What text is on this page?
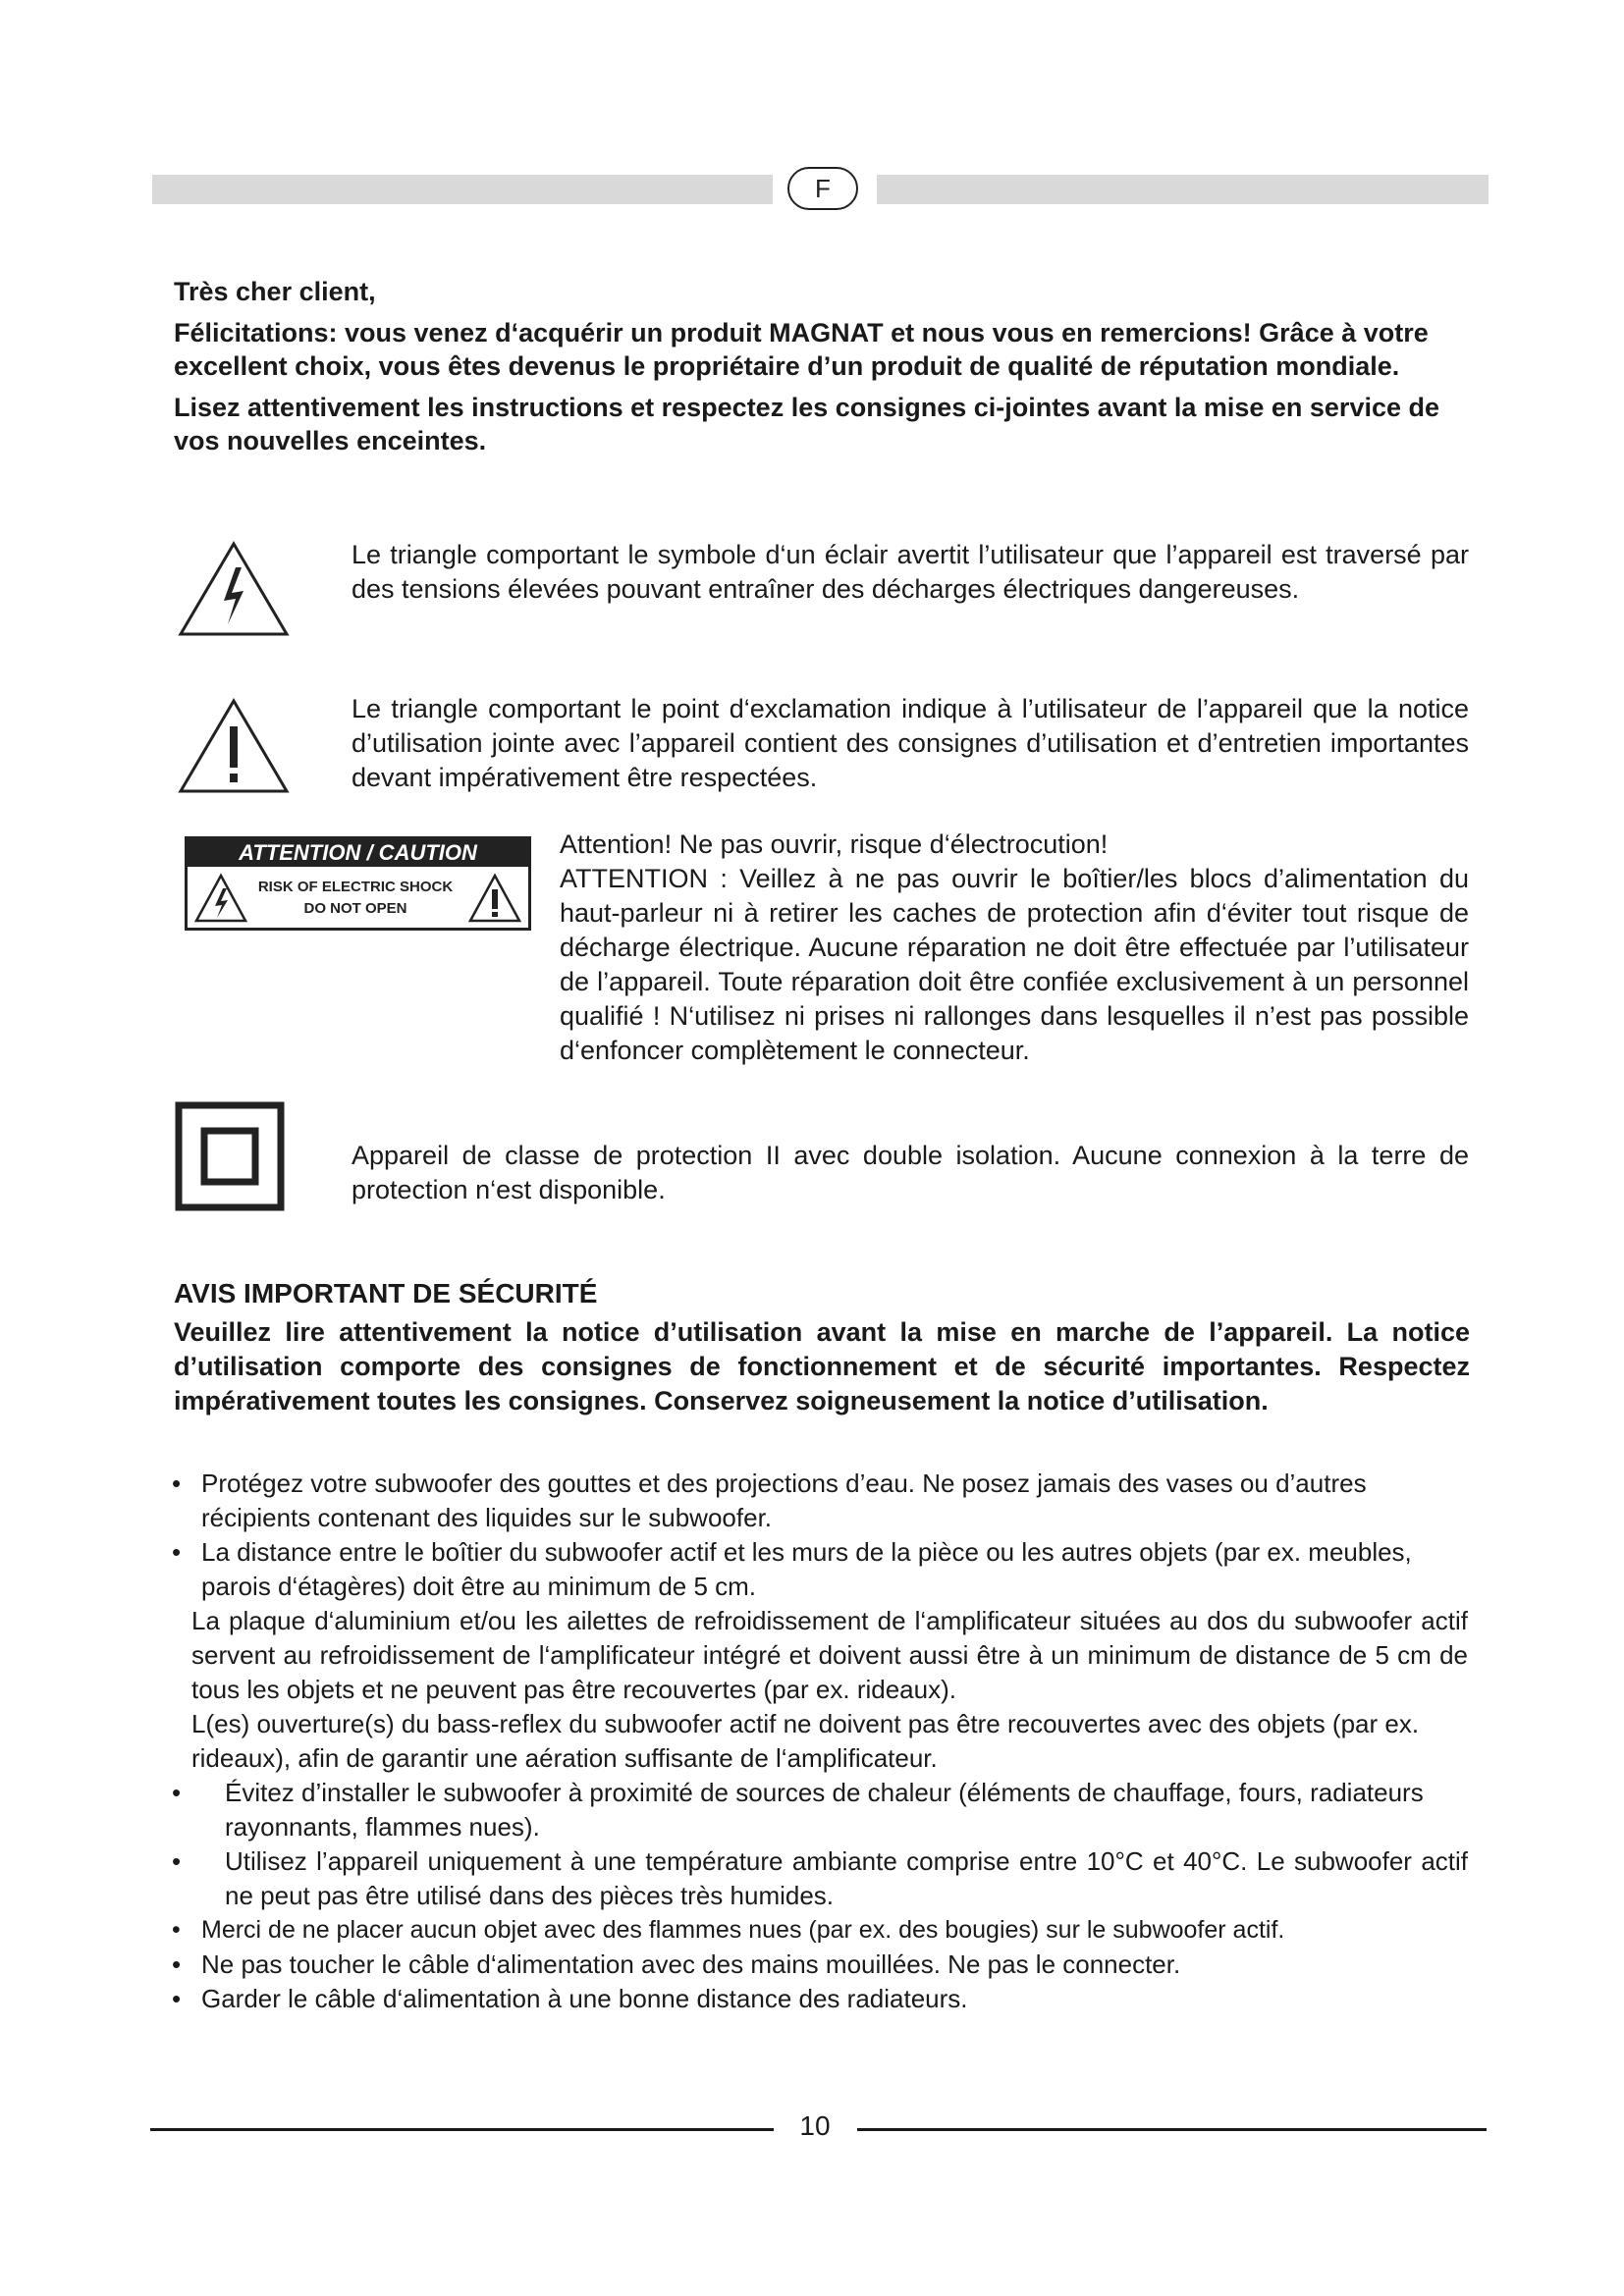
F

Très cher client,

Félicitations: vous venez d‘acquérir un produit MAGNAT et nous vous en remercions! Grâce à votre excellent choix, vous êtes devenus le propriétaire d’un produit de qualité de réputation mondiale.

Lisez attentivement les instructions et respectez les consignes ci-jointes avant la mise en service de vos nouvelles enceintes.

Le triangle comportant le symbole d‘un éclair avertit l’utilisateur que l’appareil est traversé par des tensions élevées pouvant entraîner des décharges électriques dangereuses.
Le triangle comportant le point d‘exclamation indique à l’utilisateur de l’appareil que la notice d’utilisation jointe avec l’appareil contient des consignes d’utilisation et d’entretien importantes devant impérativement être respectées.
ATTENTION / CAUTION
RISK OF ELECTRIC SHOCK
DO NOT OPEN
Attention! Ne pas ouvrir, risque d‘électrocution!
ATTENTION : Veillez à ne pas ouvrir le boîtier/les blocs d’alimentation du haut-parleur ni à retirer les caches de protection afin d‘éviter tout risque de décharge électrique. Aucune réparation ne doit être effectuée par l’utilisateur de l’appareil. Toute réparation doit être confiée exclusivement à un personnel qualifié ! N‘utilisez ni prises ni rallonges dans lesquelles il n’est pas possible d‘enfoncer complètement le connecteur.
Appareil de classe de protection II avec double isolation. Aucune connexion à la terre de protection n‘est disponible.
AVIS IMPORTANT DE SÉCURITÉ
Veuillez lire attentivement la notice d’utilisation avant la mise en marche de l’appareil. La notice d’utilisation comporte des consignes de fonctionnement et de sécurité importantes. Respectez impérativement toutes les consignes. Conservez soigneusement la notice d’utilisation.
• Protégez votre subwoofer des gouttes et des projections d’eau. Ne posez jamais des vases ou d’autres récipients contenant des liquides sur le subwoofer.
• La distance entre le boîtier du subwoofer actif et les murs de la pièce ou les autres objets (par ex. meubles, parois d‘étagères) doit être au minimum de 5 cm.
La plaque d‘aluminium et/ou les ailettes de refroidissement de l‘amplificateur situées au dos du subwoofer actif servent au refroidissement de l‘amplificateur intégré et doivent aussi être à un minimum de distance de 5 cm de tous les objets et ne peuvent pas être recouvertes (par ex. rideaux).
L(es) ouverture(s) du bass-reflex du subwoofer actif ne doivent pas être recouvertes avec des objets (par ex. rideaux), afin de garantir une aération suffisante de l‘amplificateur.
• Évitez d’installer le subwoofer à proximité de sources de chaleur (éléments de chauffage, fours, radiateurs rayonnants, flammes nues).
• Utilisez l’appareil uniquement à une température ambiante comprise entre 10°C et 40°C. Le subwoofer actif ne peut pas être utilisé dans des pièces très humides.
• Merci de ne placer aucun objet avec des flammes nues (par ex. des bougies) sur le subwoofer actif.
• Ne pas toucher le câble d‘alimentation avec des mains mouillées. Ne pas le connecter.
• Garder le câble d‘alimentation à une bonne distance des radiateurs.
10
